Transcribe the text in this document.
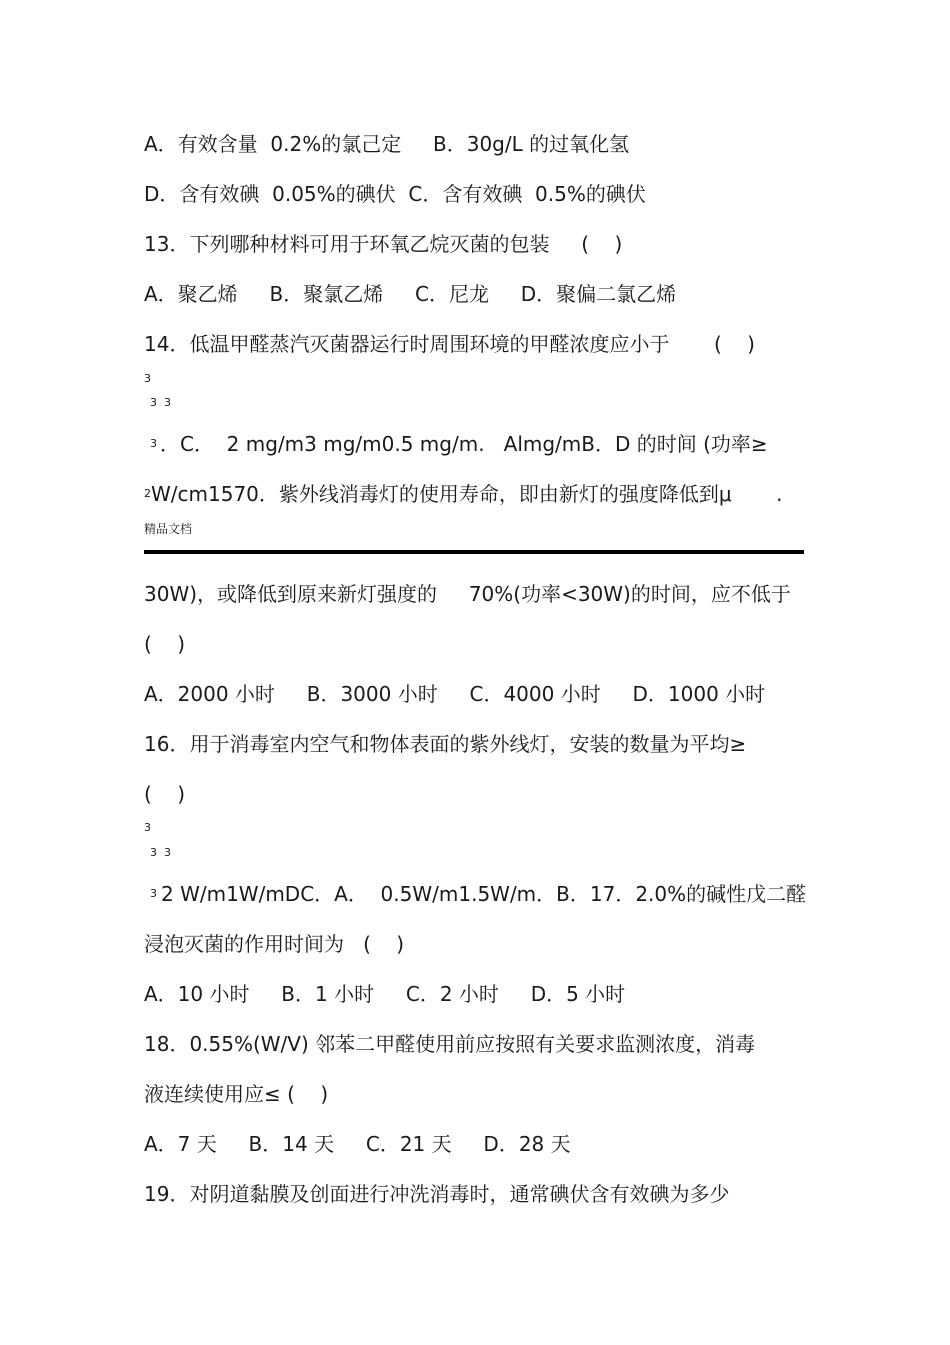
A．有效含量  0.2%的氯己定     B．30g/L 的过氧化氢
D．含有效碘  0.05%的碘伏  C．含有效碘  0.5%的碘伏
13．下列哪种材料可用于环氧乙烷灭菌的包装     (    )
A．聚乙烯     B．聚氯乙烯     C．尼龙     D．聚偏二氯乙烯
14．低温甲醛蒸汽灭菌器运行时周围环境的甲醛浓度应小于       (    )
3
3  3
3 ．C．  2 mg/m3 mg/m0.5 mg/m.   Almg/mB．D 的时间 (功率≥
2 W/cm1570．紫外线消毒灯的使用寿命，即由新灯的强度降低到μ       .
精品文档
30W)，或降低到原来新灯强度的     70%(功率<30W)的时间，应不低于
(    )
A．2000 小时     B．3000 小时     C．4000 小时     D．1000 小时
16．用于消毒室内空气和物体表面的紫外线灯，安装的数量为平均≥
(    )
3
3  3
3 2 W/m1W/mDC．A．  0.5W/m1.5W/m．B．17．2.0%的碱性戊二醛
浸泡灭菌的作用时间为   (    )
A．10 小时     B．1 小时     C．2 小时     D．5 小时
18．0.55%(W/V) 邻苯二甲醛使用前应按照有关要求监测浓度，消毒
液连续使用应≤ (    )
A．7 天     B．14 天     C．21 天     D．28 天
19．对阴道黏膜及创面进行冲洗消毒时，通常碘伏含有效碘为多少
